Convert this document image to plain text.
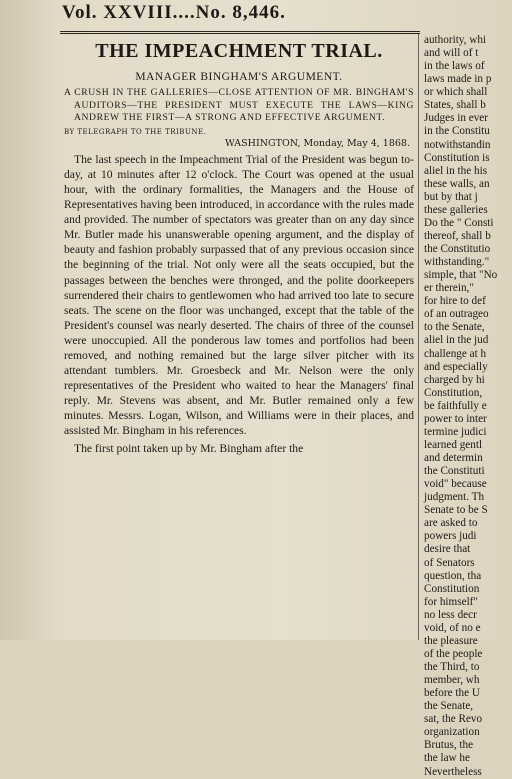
Vol. XXVIII....No. 8,446.
THE IMPEACHMENT TRIAL.
MANAGER BINGHAM'S ARGUMENT.
A CRUSH IN THE GALLERIES—CLOSE ATTENTION OF MR. BINGHAM'S AUDITORS—THE PRESIDENT MUST EXECUTE THE LAWS—KING ANDREW THE FIRST—A STRONG AND EFFECTIVE ARGUMENT.
BY TELEGRAPH TO THE TRIBUNE.
WASHINGTON, Monday, May 4, 1868.

The last speech in the Impeachment Trial of the President was begun to-day, at 10 minutes after 12 o'clock. The Court was opened at the usual hour, with the ordinary formalities, the Managers and the House of Representatives having been introduced, in accordance with the rules made and provided. The number of spectators was greater than on any day since Mr. Butler made his unanswerable opening argument, and the display of beauty and fashion probably surpassed that of any previous occasion since the beginning of the trial. Not only were all the seats occupied, but the passages between the benches were thronged, and the polite doorkeepers surrendered their chairs to gentlewomen who had arrived too late to secure seats. The scene on the floor was unchanged, except that the table of the President's counsel was nearly deserted. The chairs of three of the counsel were unoccupied. All the ponderous law tomes and portfolios had been removed, and nothing remained but the large silver pitcher with its attendant tumblers. Mr. Groesbeck and Mr. Nelson were the only representatives of the President who waited to hear the Managers' final reply. Mr. Stevens was absent, and Mr. Butler remained only a few minutes. Messrs. Logan, Wilson, and Williams were in their places, and assisted Mr. Bingham in his references.

The first point taken up by Mr. Bingham after the

authority, whi
and will of t
in the laws of
laws made in p
or which shall
States, shall b
Judges in ever
in the Constitu
notwithstandin
Constitution is
aliel in the his
these walls, an
but by that j
these galleries
Do the " Consti
thereof, shall b
the Constitutio
withstanding."
simple, that "No
er therein,"
for hire to def
of an outrageo
to the Senate,
aliel in the jud
challenge at h
and especially
charged by hi
Constitution,
be faithfully e
power to inter
termine judici
learned gentl
and determin
the Constituti
void" because
judgment. Th
Senate to be S
are asked to
powers judi
desire that
of Senators
question, tha
Constitution
for himself"
no less decr
void, of no e
the pleasure
of the people
the Third, to
member, wh
before the U
the Senate,
sat, the Revo
organization
Brutus, the
the law he
Nevertheless
